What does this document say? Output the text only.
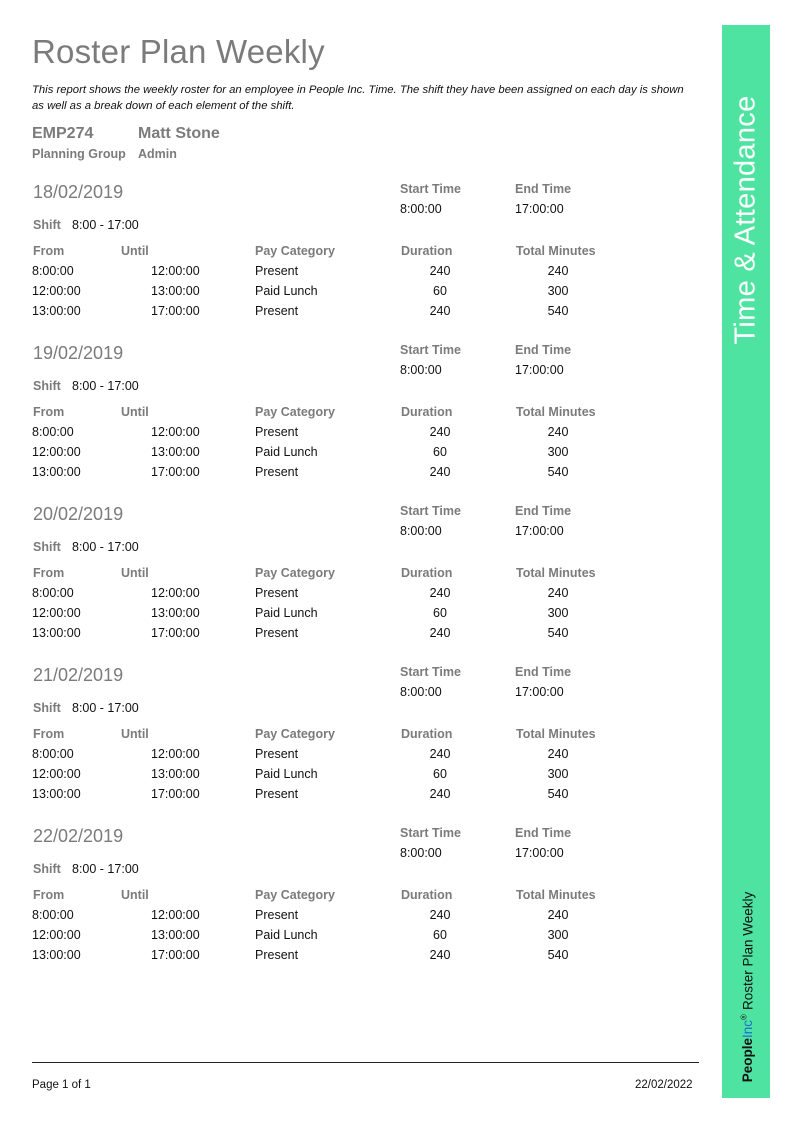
Roster Plan Weekly
This report shows the weekly roster for an employee in People Inc. Time. The shift they have been assigned on each day is shown as well as a break down of each element of the shift.
EMP274	Matt Stone
Planning Group Admin
18/02/2019	Start Time	End Time
8:00:00	17:00:00
Shift 8:00 - 17:00
From	Until	Pay Category	Duration	Total Minutes
8:00:00	12:00:00	Present	240	240
12:00:00	13:00:00	Paid Lunch	60	300
13:00:00	17:00:00	Present	240	540
19/02/2019	Start Time	End Time
8:00:00	17:00:00
Shift 8:00 - 17:00
From	Until	Pay Category	Duration	Total Minutes
8:00:00	12:00:00	Present	240	240
12:00:00	13:00:00	Paid Lunch	60	300
13:00:00	17:00:00	Present	240	540
20/02/2019	Start Time	End Time
8:00:00	17:00:00
Shift 8:00 - 17:00
From	Until	Pay Category	Duration	Total Minutes
8:00:00	12:00:00	Present	240	240
12:00:00	13:00:00	Paid Lunch	60	300
13:00:00	17:00:00	Present	240	540
21/02/2019	Start Time	End Time
8:00:00	17:00:00
Shift 8:00 - 17:00
From	Until	Pay Category	Duration	Total Minutes
8:00:00	12:00:00	Present	240	240
12:00:00	13:00:00	Paid Lunch	60	300
13:00:00	17:00:00	Present	240	540
22/02/2019	Start Time	End Time
8:00:00	17:00:00
Shift 8:00 - 17:00
From	Until	Pay Category	Duration	Total Minutes
8:00:00	12:00:00	Present	240	240
12:00:00	13:00:00	Paid Lunch	60	300
13:00:00	17:00:00	Present	240	540
Page 1 of 1	22/02/2022
Time & Attendance
PeopleInc®Roster Plan Weekly
